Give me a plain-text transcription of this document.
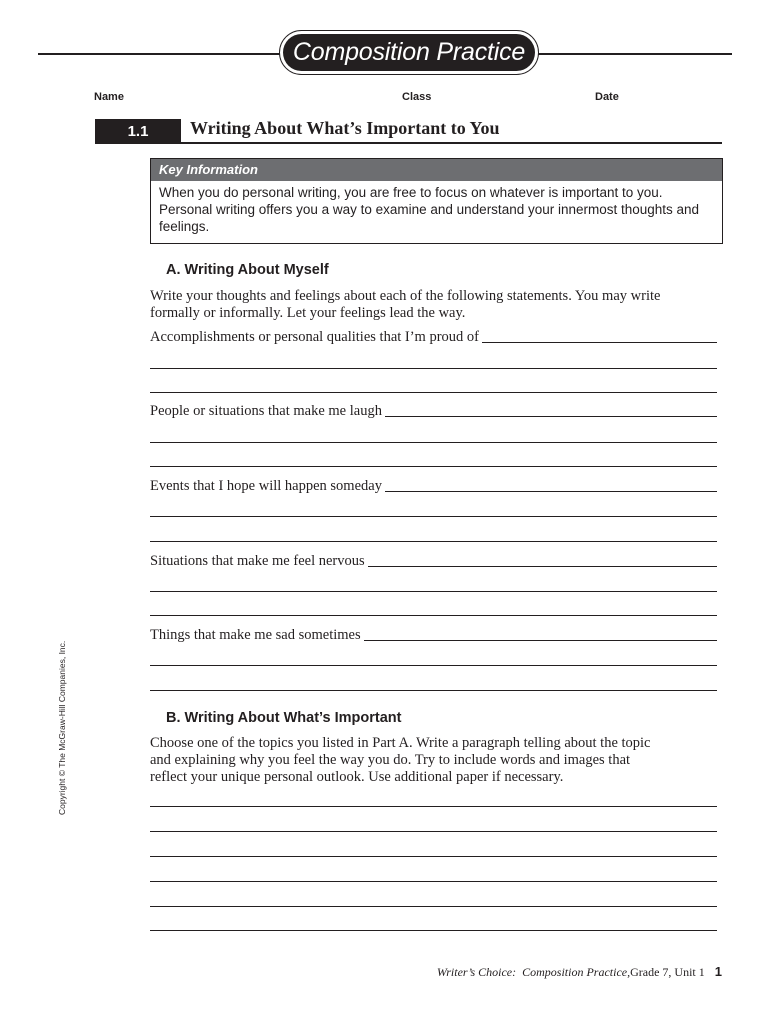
Composition Practice
Name	Class	Date
1.1 Writing About What’s Important to You
Key Information
When you do personal writing, you are free to focus on whatever is important to you. Personal writing offers you a way to examine and understand your innermost thoughts and feelings.
A. Writing About Myself
Write your thoughts and feelings about each of the following statements. You may write formally or informally. Let your feelings lead the way.
Accomplishments or personal qualities that I’m proud of
People or situations that make me laugh
Events that I hope will happen someday
Situations that make me feel nervous
Things that make me sad sometimes
B. Writing About What’s Important
Choose one of the topics you listed in Part A. Write a paragraph telling about the topic and explaining why you feel the way you do. Try to include words and images that reflect your unique personal outlook. Use additional paper if necessary.
Copyright © The McGraw-Hill Companies, Inc.
Writer’s Choice: Composition Practice, Grade 7, Unit 1 1
